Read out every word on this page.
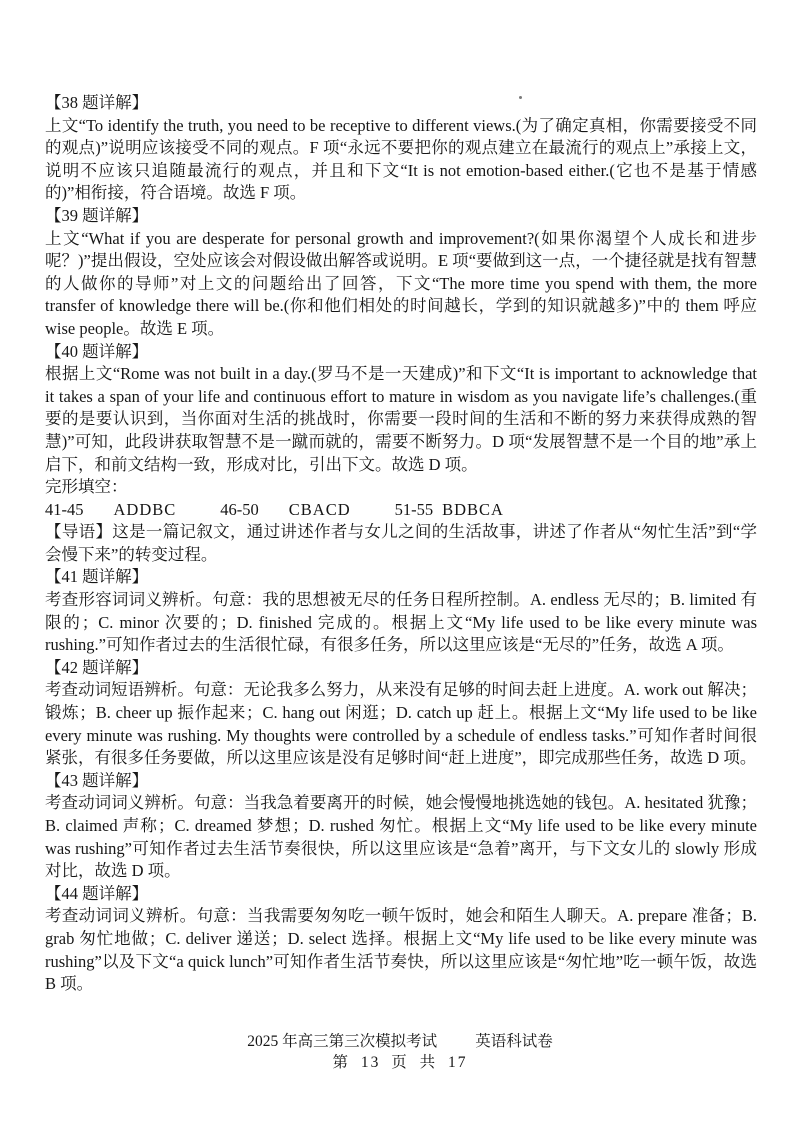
【38 题详解】

上文“To identify the truth, you need to be receptive to different views.(为了确定真相，你需要接受不同的观点)”说明应该接受不同的观点。F 项“永远不要把你的观点建立在最流行的观点上”承接上文，说明不应该只追随最流行的观点，并且和下文“It is not emotion-based either.(它也不是基于情感的)”相衔接，符合语境。故选 F 项。

【39 题详解】

上文“What if you are desperate for personal growth and improvement?(如果你渴望个人成长和进步呢？)”提出假设，空处应该会对假设做出解答或说明。E 项“要做到这一点，一个捷径就是找有智慧的人做你的导师”对上文的问题给出了回答，下文“The more time you spend with them, the more transfer of knowledge there will be.(你和他们相处的时间越长，学到的知识就越多)”中的 them 呼应 wise people。故选 E 项。

【40 题详解】

根据上文“Rome was not built in a day.(罗马不是一天建成)”和下文“It is important to acknowledge that it takes a span of your life and continuous effort to mature in wisdom as you navigate life’s challenges.(重要的是要认识到，当你面对生活的挑战时，你需要一段时间的生活和不断的努力来获得成熟的智慧)”可知，此段讲获取智慧不是一蹴而就的，需要不断努力。D 项“发展智慧不是一个目的地”承上启下，和前文结构一致，形成对比，引出下文。故选 D 项。

完形填空：
41-45 ADDBC	46-50 CBACD	51-55 BDBCA

【导语】这是一篇记叙文，通过讲述作者与女儿之间的生活故事，讲述了作者从“匆忙生活”到“学会慢下来”的转变过程。

【41 题详解】

考查形容词词义辨析。句意：我的思想被无尽的任务日程所控制。A. endless 无尽的；B. limited 有限的；C. minor 次要的；D. finished 完成的。根据上文“My life used to be like every minute was rushing.”可知作者过去的生活很忙碌，有很多任务，所以这里应该是“无尽的”任务，故选 A 项。

【42 题详解】

考查动词短语辨析。句意：无论我多么努力，从来没有足够的时间去赶上进度。A. work out 解决；锻炼；B. cheer up 振作起来；C. hang out 闲逛；D. catch up 赶上。根据上文“My life used to be like every minute was rushing. My thoughts were controlled by a schedule of endless tasks.”可知作者时间很紧张，有很多任务要做，所以这里应该是没有足够时间“赶上进度”，即完成那些任务，故选 D 项。

【43 题详解】

考查动词词义辨析。句意：当我急着要离开的时候，她会慢慢地挑选她的钱包。A. hesitated 犹豫；B. claimed 声称；C. dreamed 梦想；D. rushed 匆忙。根据上文“My life used to be like every minute was rushing”可知作者过去生活节奏很快，所以这里应该是“急着”离开，与下文女儿的 slowly 形成对比，故选 D 项。

【44 题详解】

考查动词词义辨析。句意：当我需要匆匆吃一顿午饭时，她会和陌生人聊天。A. prepare 准备；B. grab 匆忙地做；C. deliver 递送；D. select 选择。根据上文“My life used to be like every minute was rushing”以及下文“a quick lunch”可知作者生活节奏快，所以这里应该是“匆忙地”吃一顿午饭，故选 B 项。

2025 年高三第三次模拟考试 英语科试卷
第 13 页 共 17
